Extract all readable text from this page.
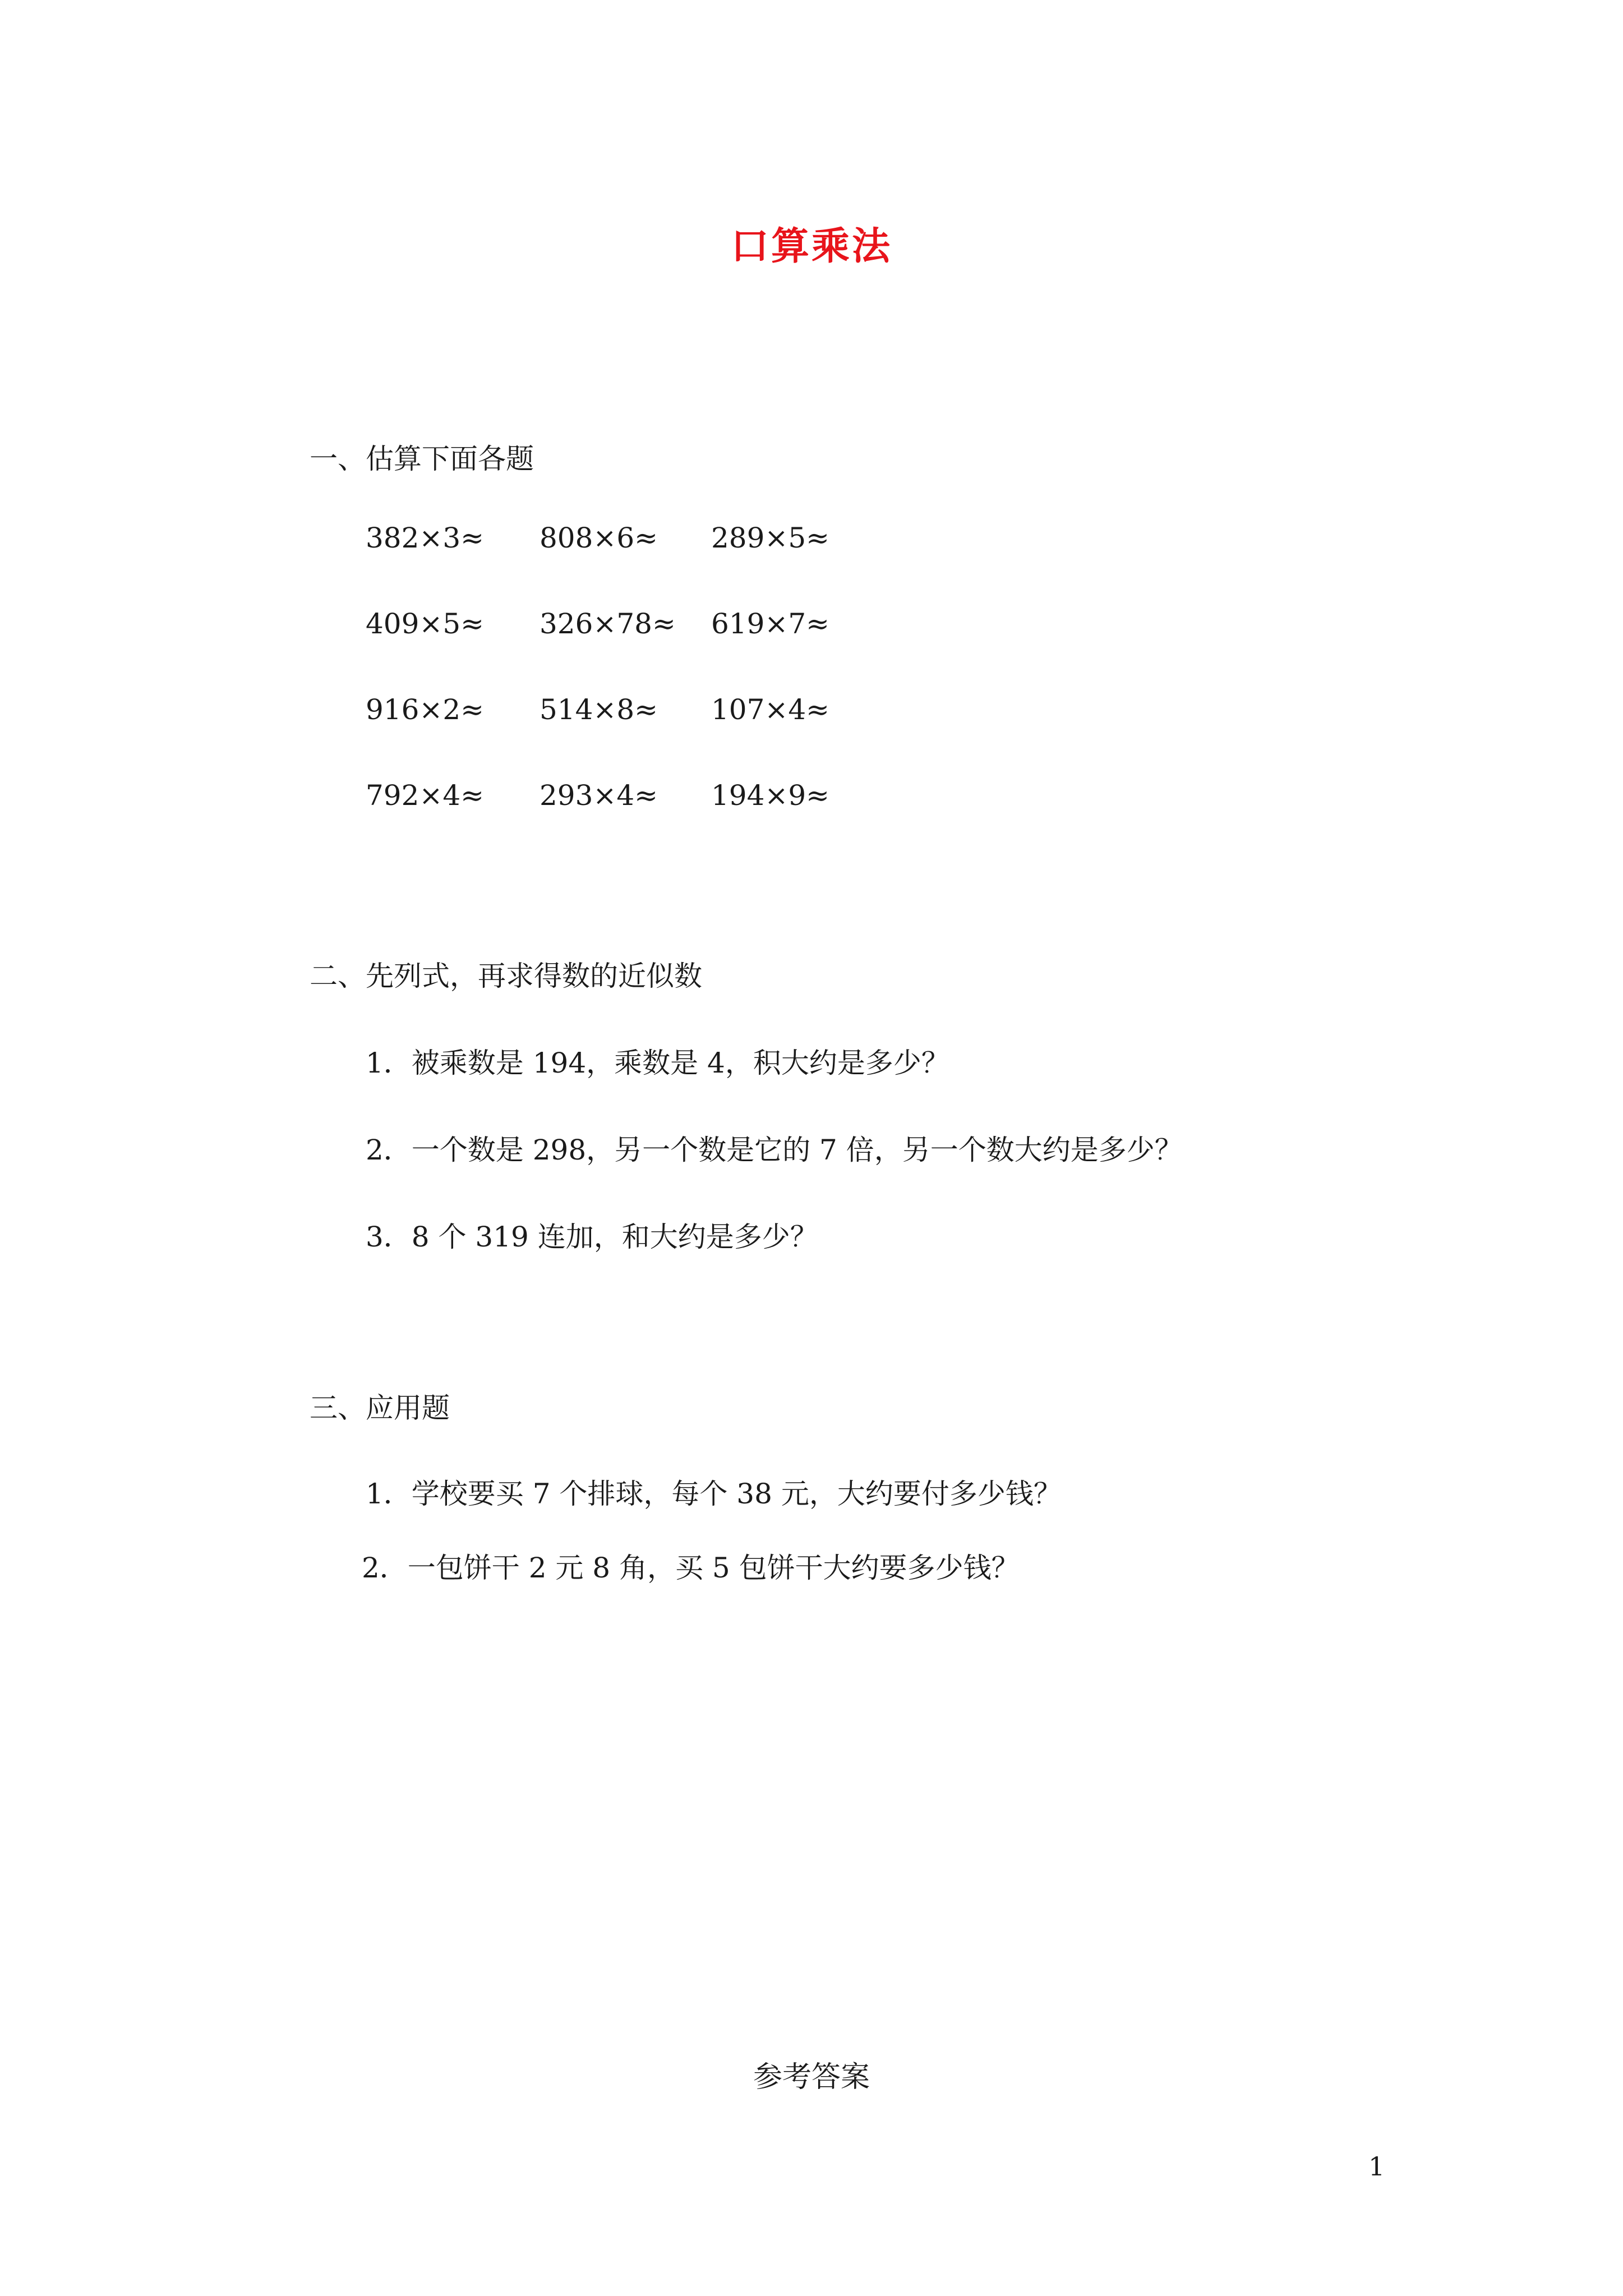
口算乘法
一、估算下面各题
382×3≈ 808×6≈ 289×5≈
409×5≈ 326×78≈ 619×7≈
916×2≈ 514×8≈ 107×4≈
792×4≈ 293×4≈ 194×9≈
二、先列式，再求得数的近似数
1．被乘数是 194，乘数是 4，积大约是多少？
2．一个数是 298，另一个数是它的 7 倍，另一个数大约是多少？
3．8 个 319 连加，和大约是多少？
三、应用题
1．学校要买 7 个排球，每个 38 元，大约要付多少钱？
2．一包饼干 2 元 8 角，买 5 包饼干大约要多少钱？
参考答案
1
